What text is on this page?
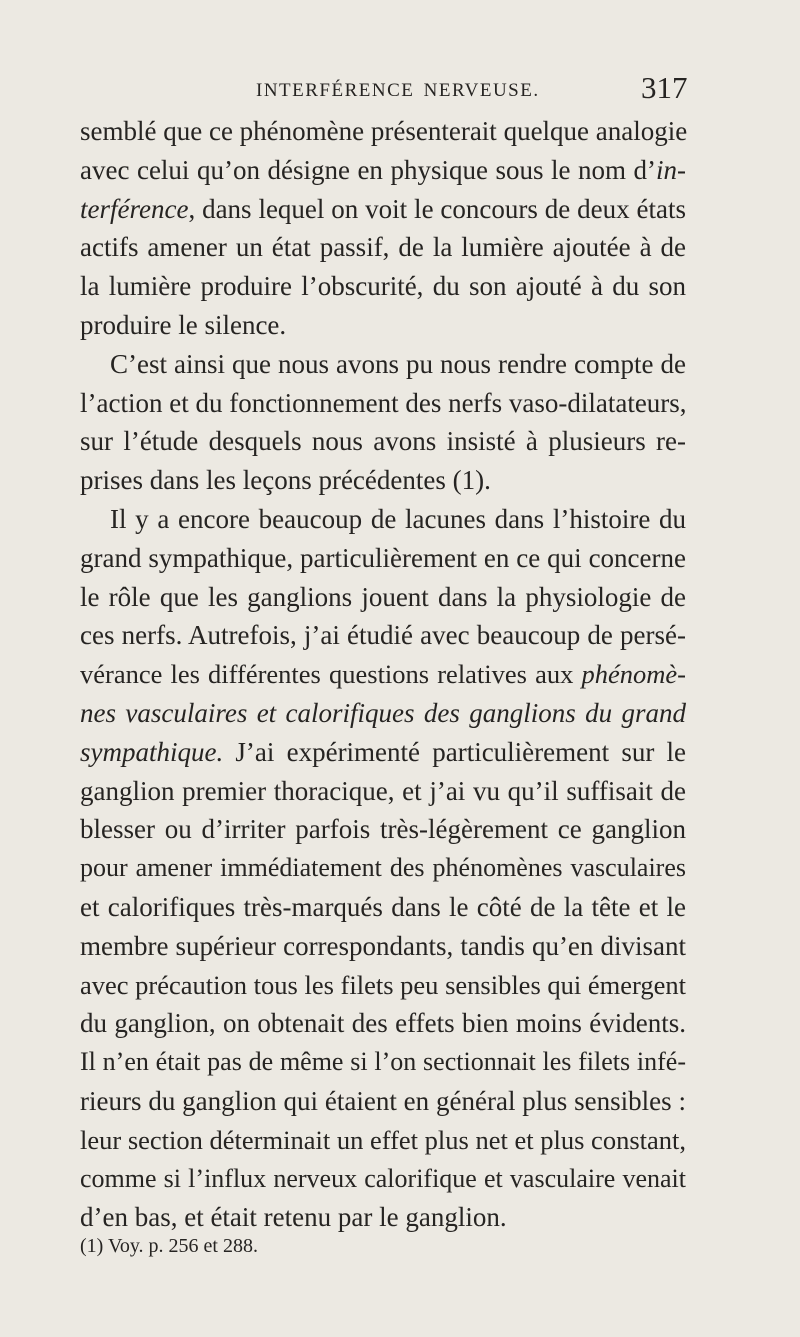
INTERFÉRENCE NERVEUSE.	317
semblé que ce phénomène présenterait quelque analogie
avec celui qu’on désigne en physique sous le nom d’in-
terférence, dans lequel on voit le concours de deux états
actifs amener un état passif, de la lumière ajoutée à de
la lumière produire l’obscurité, du son ajouté à du son
produire le silence.
C’est ainsi que nous avons pu nous rendre compte de
l’action et du fonctionnement des nerfs vaso-dilatateurs,
sur l’étude desquels nous avons insisté à plusieurs re-
prises dans les leçons précédentes (1).
Il y a encore beaucoup de lacunes dans l’histoire du
grand sympathique, particulièrement en ce qui concerne
le rôle que les ganglions jouent dans la physiologie de
ces nerfs. Autrefois, j’ai étudié avec beaucoup de persé-
vérance les différentes questions relatives aux phénomè-
nes vasculaires et calorifiques des ganglions du grand
sympathique. J’ai expérimenté particulièrement sur le
ganglion premier thoracique, et j’ai vu qu’il suffisait de
blesser ou d’irriter parfois très-légèrement ce ganglion
pour amener immédiatement des phénomènes vasculaires
et calorifiques très-marqués dans le côté de la tête et le
membre supérieur correspondants, tandis qu’en divisant
avec précaution tous les filets peu sensibles qui émergent
du ganglion, on obtenait des effets bien moins évidents.
Il n’en était pas de même si l’on sectionnait les filets infé-
rieurs du ganglion qui étaient en général plus sensibles :
leur section déterminait un effet plus net et plus constant,
comme si l’influx nerveux calorifique et vasculaire venait
d’en bas, et était retenu par le ganglion.
(1) Voy. p. 256 et 288.
